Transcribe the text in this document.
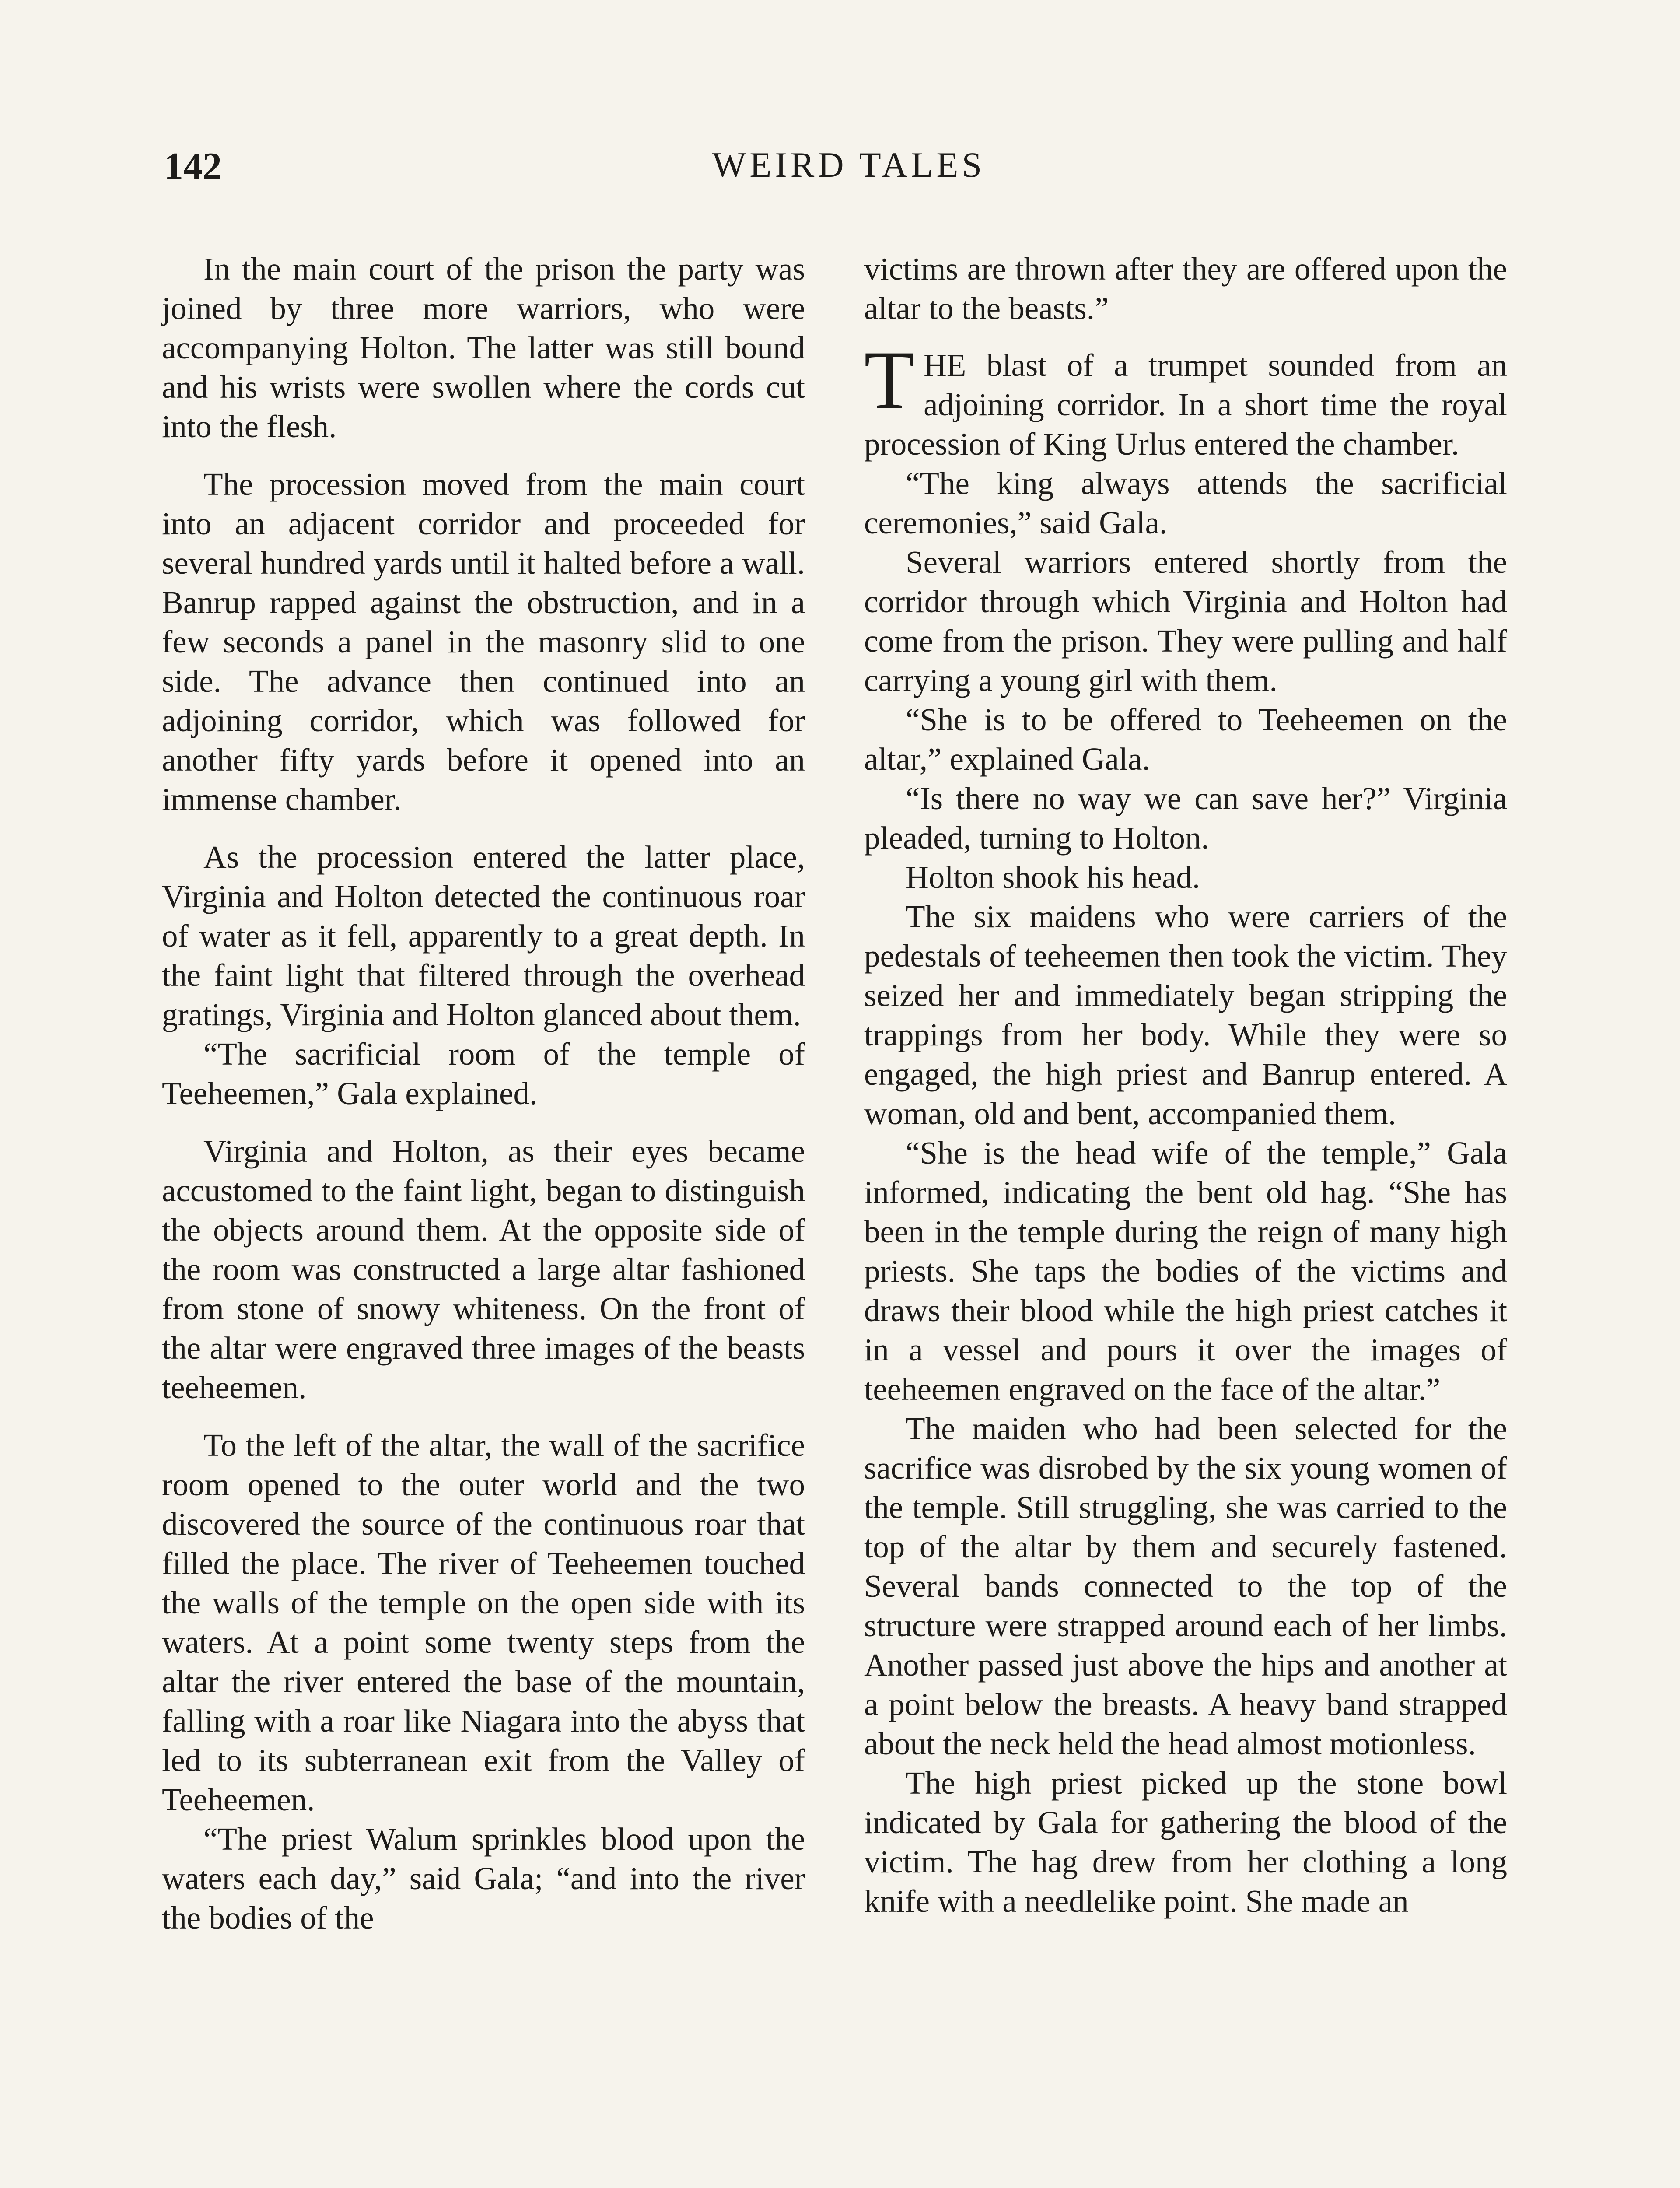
142	WEIRD TALES

In the main court of the prison the party was joined by three more warriors, who were accompanying Holton. The latter was still bound and his wrists were swollen where the cords cut into the flesh.

The procession moved from the main court into an adjacent corridor and proceeded for several hundred yards until it halted before a wall. Banrup rapped against the obstruction, and in a few seconds a panel in the masonry slid to one side. The advance then continued into an adjoining corridor, which was followed for another fifty yards before it opened into an immense chamber.

As the procession entered the latter place, Virginia and Holton detected the continuous roar of water as it fell, apparently to a great depth. In the faint light that filtered through the overhead gratings, Virginia and Holton glanced about them.

“The sacrificial room of the temple of Teeheemen,” Gala explained.

Virginia and Holton, as their eyes became accustomed to the faint light, began to distinguish the objects around them. At the opposite side of the room was constructed a large altar fashioned from stone of snowy whiteness. On the front of the altar were engraved three images of the beasts teeheemen.

To the left of the altar, the wall of the sacrifice room opened to the outer world and the two discovered the source of the continuous roar that filled the place. The river of Teeheemen touched the walls of the temple on the open side with its waters. At a point some twenty steps from the altar the river entered the base of the mountain, falling with a roar like Niagara into the abyss that led to its subterranean exit from the Valley of Teeheemen.

“The priest Walum sprinkles blood upon the waters each day,” said Gala; “and into the river the bodies of the

victims are thrown after they are offered upon the altar to the beasts.”

THE blast of a trumpet sounded from an adjoining corridor. In a short time the royal procession of King Urlus entered the chamber.

“The king always attends the sacrificial ceremonies,” said Gala.

Several warriors entered shortly from the corridor through which Virginia and Holton had come from the prison. They were pulling and half carrying a young girl with them.

“She is to be offered to Teeheemen on the altar,” explained Gala.

“Is there no way we can save her?” Virginia pleaded, turning to Holton.

Holton shook his head.

The six maidens who were carriers of the pedestals of teeheemen then took the victim. They seized her and immediately began stripping the trappings from her body. While they were so engaged, the high priest and Banrup entered. A woman, old and bent, accompanied them.

“She is the head wife of the temple,” Gala informed, indicating the bent old hag. “She has been in the temple during the reign of many high priests. She taps the bodies of the victims and draws their blood while the high priest catches it in a vessel and pours it over the images of teeheemen engraved on the face of the altar.”

The maiden who had been selected for the sacrifice was disrobed by the six young women of the temple. Still struggling, she was carried to the top of the altar by them and securely fastened. Several bands connected to the top of the structure were strapped around each of her limbs. Another passed just above the hips and another at a point below the breasts. A heavy band strapped about the neck held the head almost motionless.

The high priest picked up the stone bowl indicated by Gala for gathering the blood of the victim. The hag drew from her clothing a long knife with a needlelike point. She made an
